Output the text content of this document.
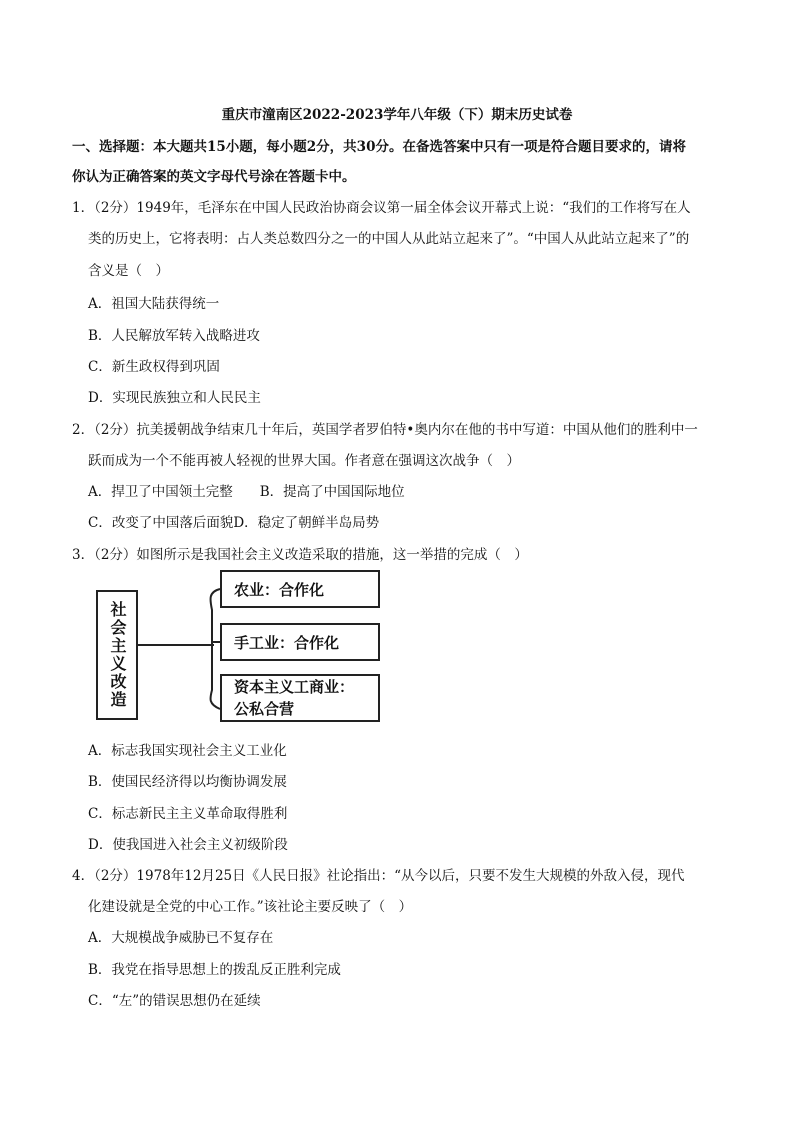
重庆市潼南区2022-2023学年八年级（下）期末历史试卷
一、选择题：本大题共15小题，每小题2分，共30分。在备选答案中只有一项是符合题目要求的，请将
你认为正确答案的英文字母代号涂在答题卡中。
1．（2分）1949年，毛泽东在中国人民政治协商会议第一届全体会议开幕式上说：“我们的工作将写在人
类的历史上，它将表明：占人类总数四分之一的中国人从此站立起来了”。“中国人从此站立起来了”的
含义是（　）
A．祖国大陆获得统一
B．人民解放军转入战略进攻
C．新生政权得到巩固
D．实现民族独立和人民民主
2．（2分）抗美援朝战争结束几十年后，英国学者罗伯特•奥内尔在他的书中写道：中国从他们的胜利中一
跃而成为一个不能再被人轻视的世界大国。作者意在强调这次战争（　）
A．捍卫了中国领土完整　　B．提高了中国国际地位
C．改变了中国落后面貌D．稳定了朝鲜半岛局势
3．（2分）如图所示是我国社会主义改造采取的措施，这一举措的完成（　）
社会主义改造
农业：合作化
手工业：合作化
资本主义工商业：公私合营
A．标志我国实现社会主义工业化
B．使国民经济得以均衡协调发展
C．标志新民主主义革命取得胜利
D．使我国进入社会主义初级阶段
4．（2分）1978年12月25日《人民日报》社论指出：“从今以后，只要不发生大规模的外敌入侵，现代
化建设就是全党的中心工作。”该社论主要反映了（　）
A．大规模战争威胁已不复存在
B．我党在指导思想上的拨乱反正胜利完成
C．“左”的错误思想仍在延续
